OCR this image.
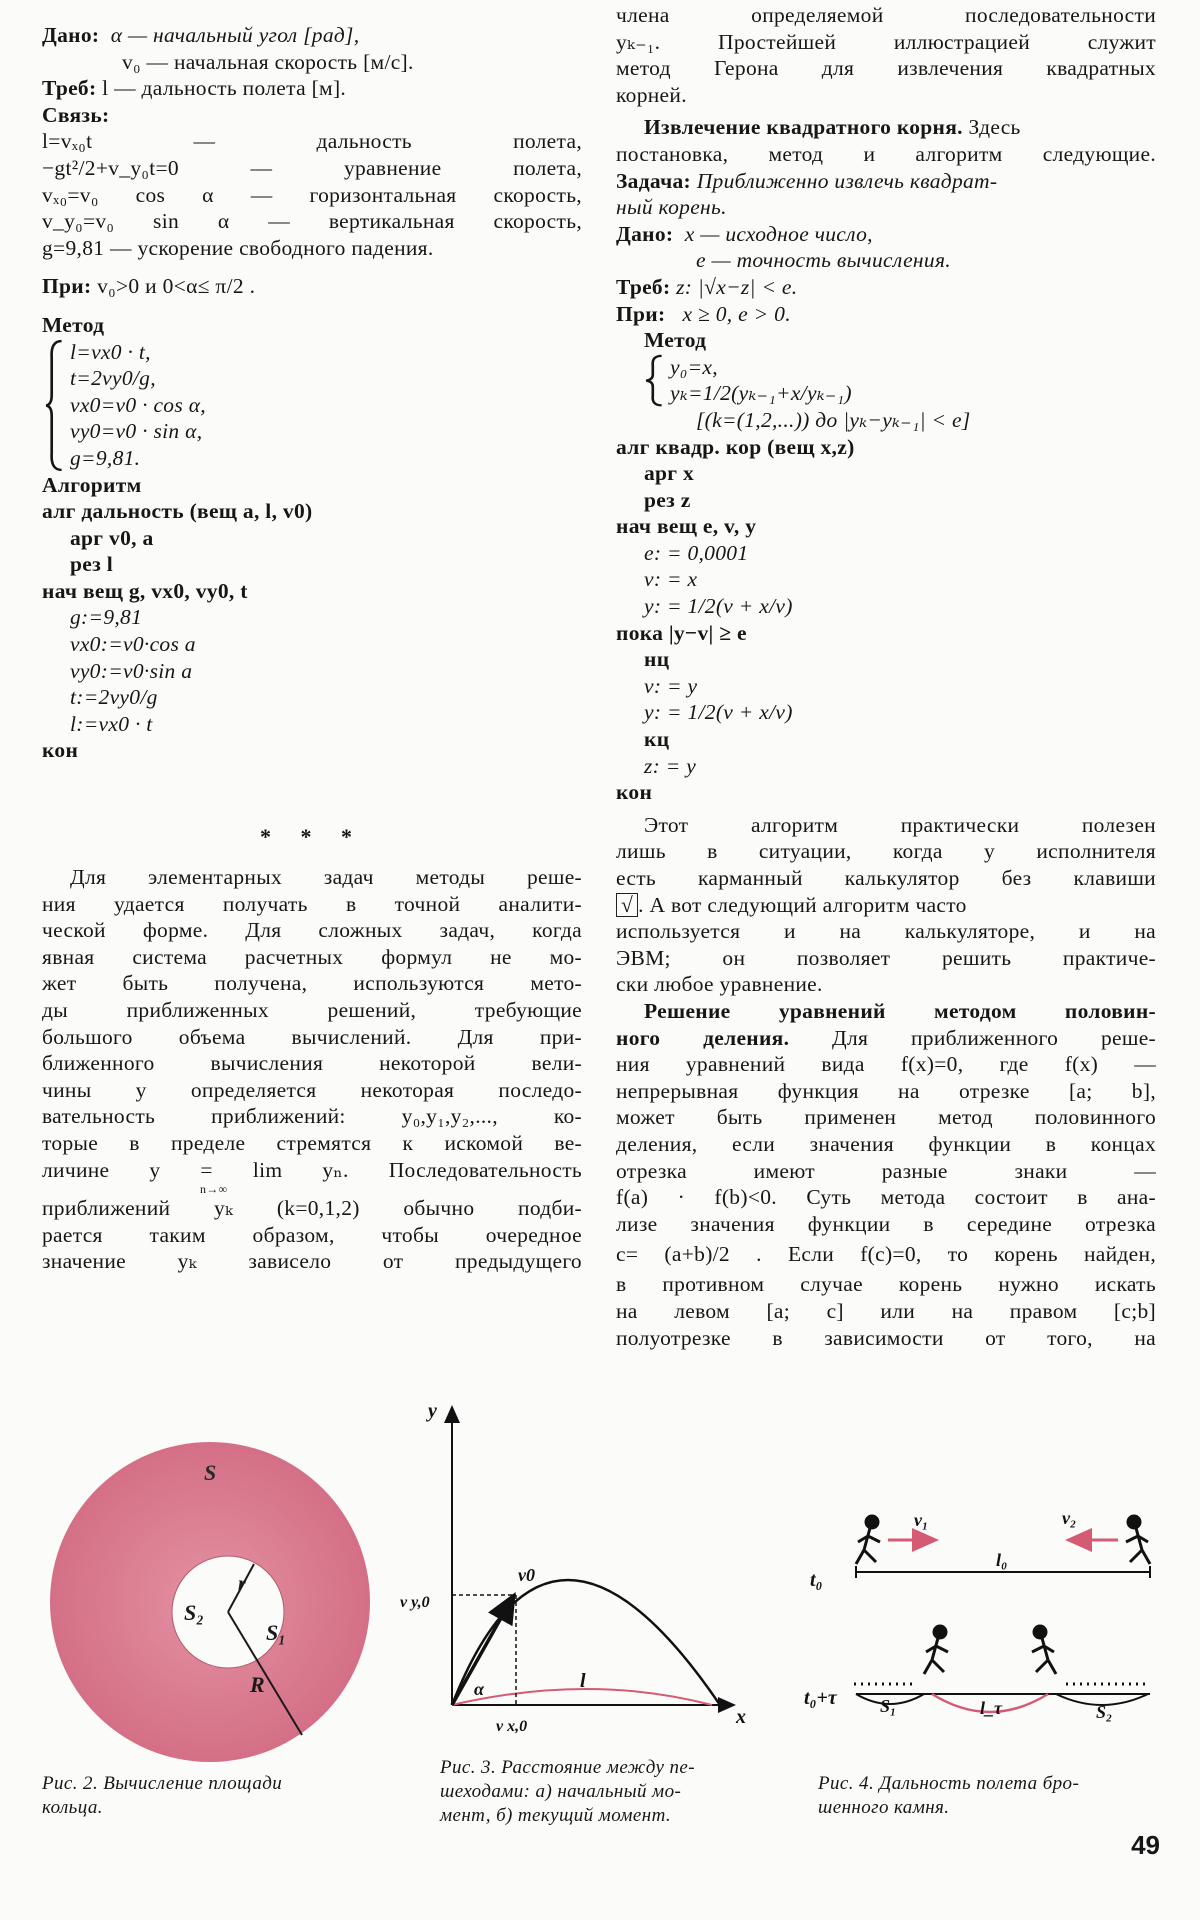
Дано: α — начальный угол [рад],
v₀ — начальная скорость [м/с].
Треб: l — дальность полета [м].
Связь:
l=vₓ₀t — дальность полета,
−gt²/2+v_y₀t=0 — уравнение полета,
vₓ₀=v₀ cos α — горизонтальная скорость,
v_y₀=v₀ sin α — вертикальная скорость,
g=9,81 — ускорение свободного падения.
При: v₀>0 и 0<α≤ π/2 .
Метод
l=vx0 · t,
t=2vy0/g,
vx0=v0 · cos α,
vy0=v0 · sin α,
g=9,81.
Алгоритм
алг дальность (вещ a, l, v0)
арг v0, a
рез l
нач вещ g, vx0, vy0, t
g:=9,81
vx0:=v0·cos a
vy0:=v0·sin a
t:=2vy0/g
l:=vx0 · t
кон
* * *
Для элементарных задач методы реше-
ния удается получать в точной аналити-
ческой форме. Для сложных задач, когда
явная система расчетных формул не мо-
жет быть получена, используются мето-
ды приближенных решений, требующие
большого объема вычислений. Для при-
ближенного вычисления некоторой вели-
чины y определяется некоторая последо-
вательность приближений: y₀,y₁,y₂,..., ко-
торые в пределе стремятся к искомой ве-
личине y = lim yₙ. Последовательность
n→∞
приближений yₖ (k=0,1,2) обычно подби-
рается таким образом, чтобы очередное
значение yₖ зависело от предыдущего
члена определяемой последовательности
yₖ₋₁. Простейшей иллюстрацией служит
метод Герона для извлечения квадратных
корней.
Извлечение квадратного корня. Здесь
постановка, метод и алгоритм следующие.
Задача: Приближенно извлечь квадрат-
ный корень.
Дано: x — исходное число,
e — точность вычисления.
Треб: z: |√x−z| < e.
При: x ≥ 0, e > 0.
Метод
y₀=x,
yₖ=1/2(yₖ₋₁+x/yₖ₋₁)
[(k=(1,2,...)) до |yₖ−yₖ₋₁| < e]
алг квадр. кор (вещ x,z)
арг x
рез z
нач вещ e, v, y
e: = 0,0001
v: = x
y: = 1/2(v + x/v)
пока |y−v| ≥ e
нц
v: = y
y: = 1/2(v + x/v)
кц
z: = y
кон
Этот алгоритм практически полезен
лишь в ситуации, когда у исполнителя
есть карманный калькулятор без клавиши
√ . А вот следующий алгоритм часто
используется и на калькуляторе, и на
ЭВМ; он позволяет решить практиче-
ски любое уравнение.
Решение уравнений методом половин-
ного деления. Для приближенного реше-
ния уравнений вида f(x)=0, где f(x) —
непрерывная функция на отрезке [a; b],
может быть применен метод половинного
деления, если значения функции в концах
отрезка имеют разные знаки —
f(a) · f(b)<0. Суть метода состоит в ана-
лизе значения функции в середине отрезка
c= (a+b)/2 . Если f(c)=0, то корень найден,
в противном случае корень нужно искать
на левом [a; c] или на правом [c;b]
полуотрезке в зависимости от того, на
S
S₂
r
S₁
R
Рис. 2. Вычисление площади
кольца.
y
x
v0
v y,0
v x,0
α	l
Рис. 3. Расстояние между пе-
шеходами: а) начальный мо-
мент, б) текущий момент.
v₁	v₂
l₀
t₀
t₀+τ S₁	l_τ	S₂
Рис. 4. Дальность полета бро-
шенного камня.
49
